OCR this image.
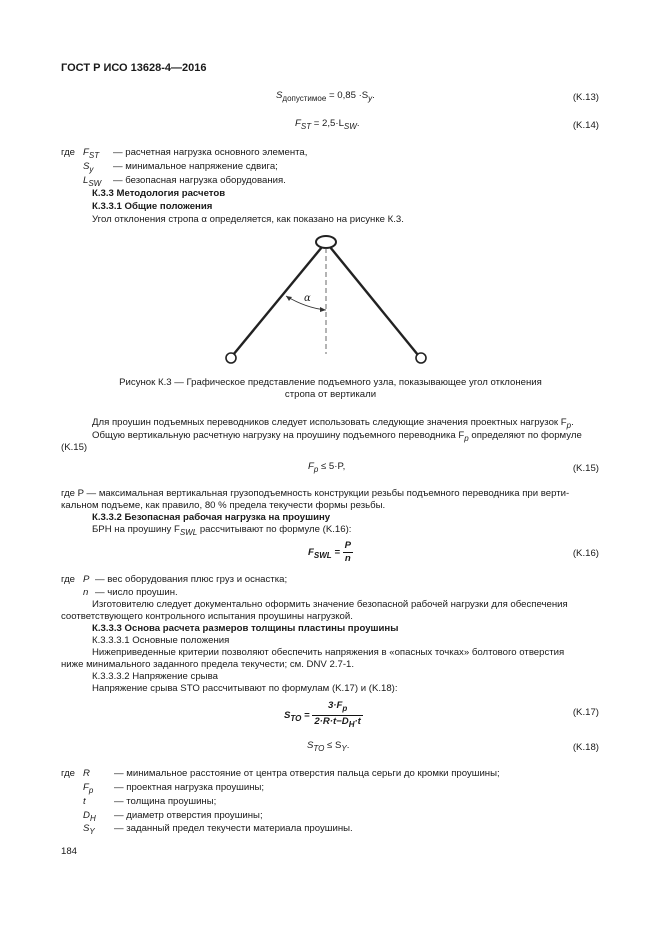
ГОСТ Р ИСО 13628-4—2016
$S_{допустимое} = 0,85 \cdot S_y$.	(K.13)
$F_{ST} = 2,5\cdot L_{SW}$.	(K.14)
где $F_{ST}$ — расчетная нагрузка основного элемента,
$S_y$ — минимальное напряжение сдвига;
$L_{SW}$ — безопасная нагрузка оборудования.
К.3.3 Методология расчетов
К.3.3.1 Общие положения
Угол отклонения стропа α определяется, как показано на рисунке К.3.
α
Рисунок К.3 — Графическое представление подъемного узла, показывающее угол отклонения
стропа от вертикали
Для проушин подъемных переводников следует использовать следующие значения проектных нагрузок $F_p$.
Общую вертикальную расчетную нагрузку на проушину подъемного переводника $F_p$ определяют по формуле
(K.15)
$F_p \le 5\cdot P$,	(K.15)
где P — максимальная вертикальная грузоподъемность конструкции резьбы подъемного переводника при верти-
кальном подъеме, как правило, 80 % предела текучести формы резьбы.
К.3.3.2 Безопасная рабочая нагрузка на проушину
БРН на проушину $F_{SWL}$ рассчитывают по формуле (K.16):
$F_{SWL} = \frac{P}{n}$	(K.16)
где P — вес оборудования плюс груз и оснастка;
n — число проушин.
Изготовителю следует документально оформить значение безопасной рабочей нагрузки для обеспечения
соответствующего контрольного испытания проушины нагрузкой.
К.3.3.3 Основа расчета размеров толщины пластины проушины
К.3.3.3.1 Основные положения
Нижеприведенные критерии позволяют обеспечить напряжения в «опасных точках» болтового отверстия
ниже минимального заданного предела текучести; см. DNV 2.7-1.
К.3.3.3.2 Напряжение срыва
Напряжение срыва STO рассчитывают по формулам (K.17) и (K.18):
$S_{TO} = \frac{3\cdot F_p}{2\cdot R\cdot t-D_H\cdot t}$	(K.17)
$S_{TO} \le S_Y$.	(K.18)
где R	— минимальное расстояние от центра отверстия пальца серьги до кромки проушины;
$F_p$ — проектная нагрузка проушины;
t	— толщина проушины;
$D_H$ — диаметр отверстия проушины;
$S_Y$ — заданный предел текучести материала проушины.
184
